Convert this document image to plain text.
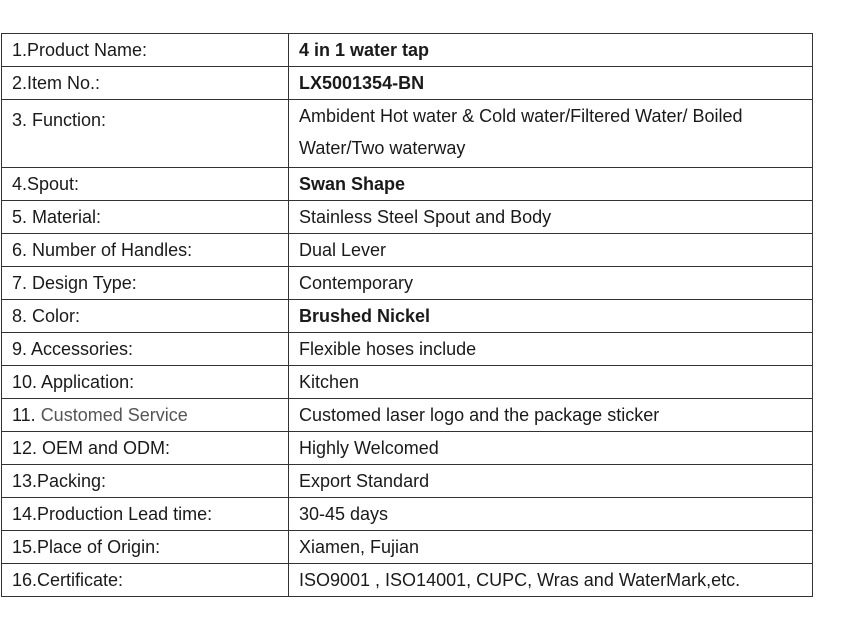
1.Product Name:	4 in 1 water tap
2.Item No.:	LX5001354-BN
3. Function:	Ambident Hot water & Cold water/Filtered Water/ Boiled Water/Two waterway
4.Spout:	Swan Shape
5. Material:	Stainless Steel Spout and Body
6. Number of Handles:	Dual Lever
7. Design Type:	Contemporary
8. Color:	Brushed Nickel
9. Accessories:	Flexible hoses include
10. Application:	Kitchen
11. Customed Service	Customed laser logo and the package sticker
12. OEM and ODM:	Highly Welcomed
13.Packing:	Export Standard
14.Production Lead time:	30-45 days
15.Place of Origin:	Xiamen, Fujian
16.Certificate:	ISO9001 , ISO14001, CUPC, Wras and WaterMark,etc.
